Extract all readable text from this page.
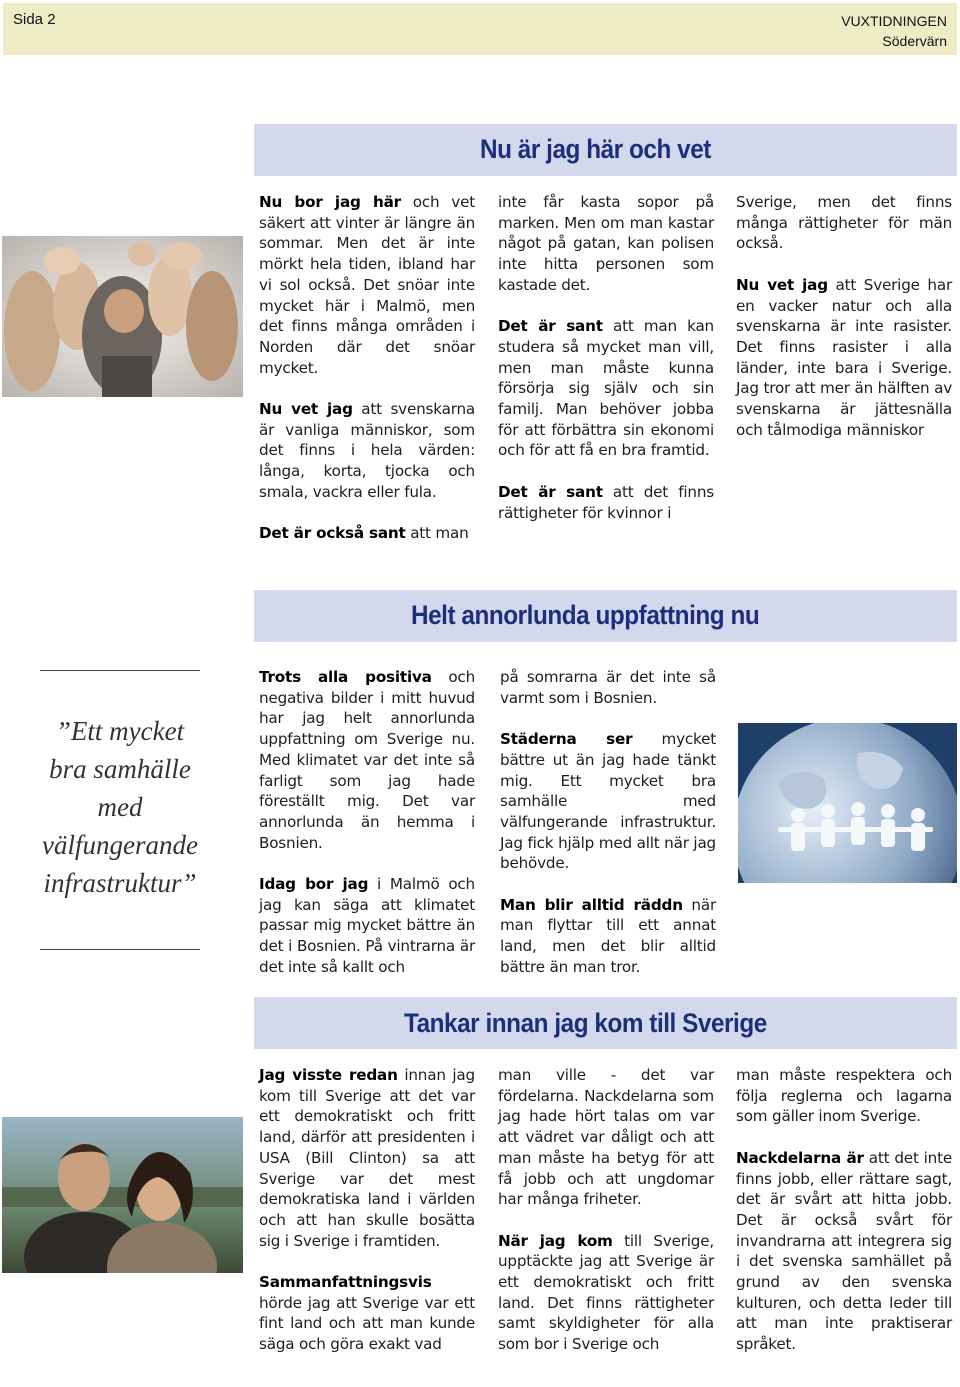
Sida 2	VUXTIDNINGEN
Södervärn
Nu är jag här och vet

Nu bor jag här och vet säkert att vinter är längre än sommar. Men det är inte mörkt hela tiden, ibland har vi sol också. Det snöar inte mycket här i Malmö, men det finns många områden i Norden där det snöar mycket.

Nu vet jag att svenskarna är vanliga människor, som det finns i hela värden: långa, korta, tjocka och smala, vackra eller fula.

Det är också sant att man

inte får kasta sopor på marken. Men om man kastar något på gatan, kan polisen inte hitta personen som kastade det.

Det är sant att man kan studera så mycket man vill, men man måste kunna försörja sig själv och sin familj. Man behöver jobba för att förbättra sin ekonomi och för att få en bra framtid.

Det är sant att det finns rättigheter för kvinnor i

Sverige, men det finns många rättigheter för män också.

Nu vet jag att Sverige har en vacker natur och alla svenskarna är inte rasister. Det finns rasister i alla länder, inte bara i Sverige. Jag tror att mer än hälften av svenskarna är jättesnälla och tålmodiga människor

Helt annorlunda uppfattning nu
”Ett mycket bra samhälle med välfungerande infrastruktur”

Trots alla positiva och negativa bilder i mitt huvud har jag helt annorlunda uppfattning om Sverige nu. Med klimatet var det inte så farligt som jag hade föreställt mig. Det var annorlunda än hemma i Bosnien.

Idag bor jag i Malmö och jag kan säga att klimatet passar mig mycket bättre än det i Bosnien. På vintrarna är det inte så kallt och

på somrarna är det inte så varmt som i Bosnien.

Städerna ser mycket bättre ut än jag hade tänkt mig. Ett mycket bra samhälle med välfungerande infrastruktur. Jag fick hjälp med allt när jag behövde.

Man blir alltid räddn när man flyttar till ett annat land, men det blir alltid bättre än man tror.

Tankar innan jag kom till Sverige

Jag visste redan innan jag kom till Sverige att det var ett demokratiskt och fritt land, därför att presidenten i USA (Bill Clinton) sa att Sverige var det mest demokratiska land i världen och att han skulle bosätta sig i Sverige i framtiden.

Sammanfattningsvis hörde jag att Sverige var ett fint land och att man kunde säga och göra exakt vad

man ville - det var fördelarna. Nackdelarna som jag hade hört talas om var att vädret var dåligt och att man måste ha betyg för att få jobb och att ungdomar har många friheter.

När jag kom till Sverige, upptäckte jag att Sverige är ett demokratiskt och fritt land. Det finns rättigheter samt skyldigheter för alla som bor i Sverige och

man måste respektera och följa reglerna och lagarna som gäller inom Sverige.

Nackdelarna är att det inte finns jobb, eller rättare sagt, det är svårt att hitta jobb. Det är också svårt för invandrarna att integrera sig i det svenska samhället på grund av den svenska kulturen, och detta leder till att man inte praktiserar språket.
